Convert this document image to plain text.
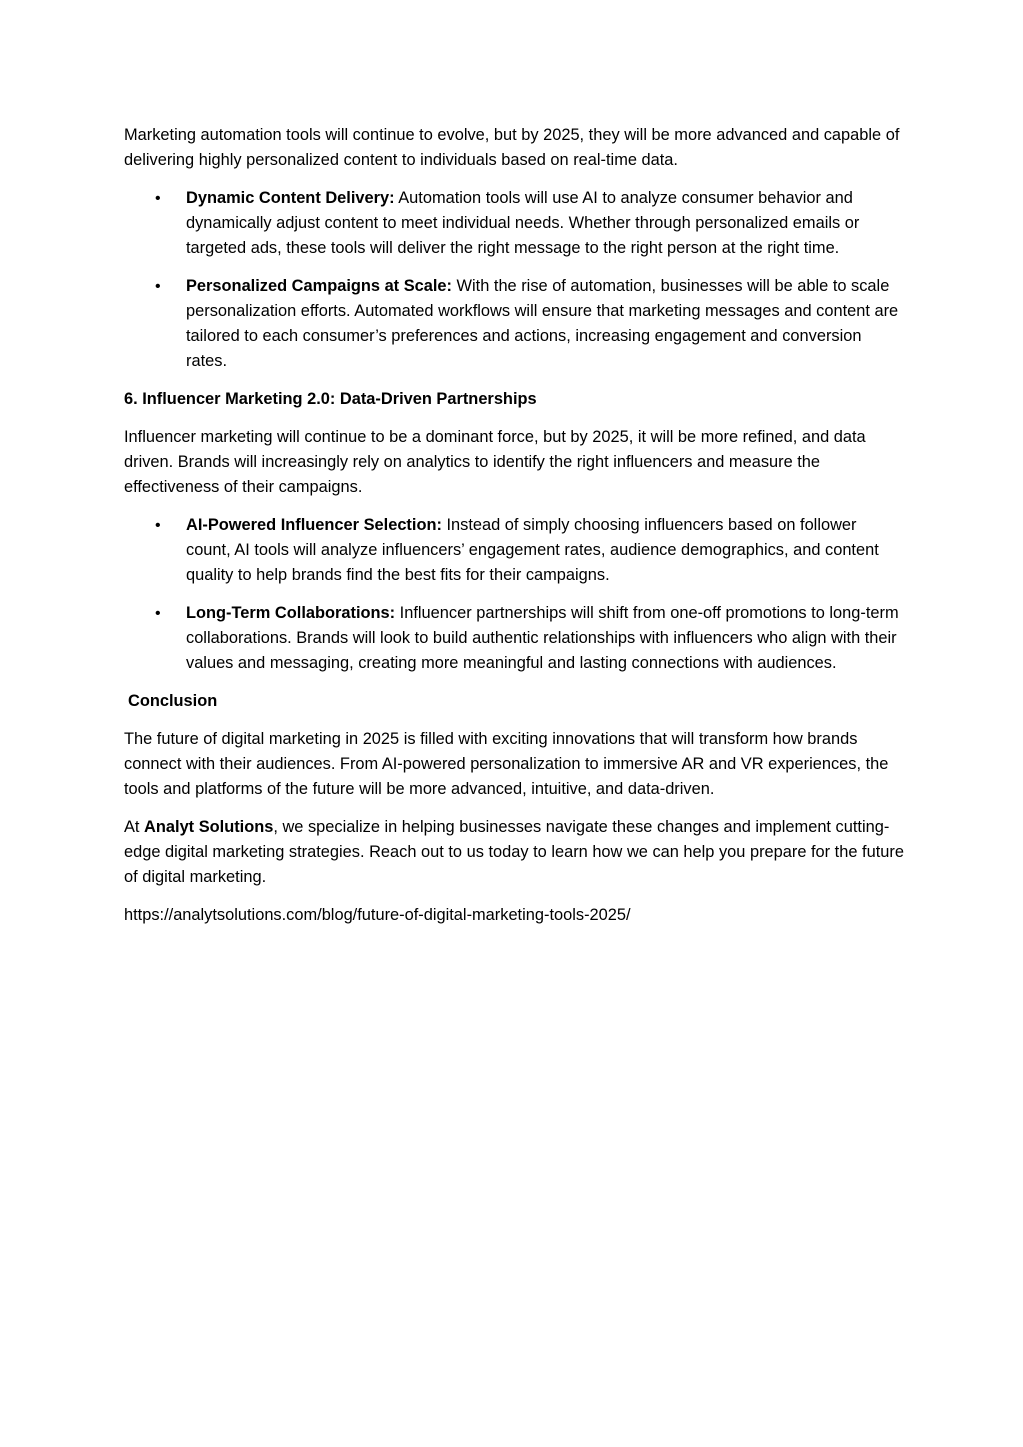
Marketing automation tools will continue to evolve, but by 2025, they will be more advanced and capable of delivering highly personalized content to individuals based on real-time data.

• Dynamic Content Delivery: Automation tools will use AI to analyze consumer behavior and dynamically adjust content to meet individual needs. Whether through personalized emails or targeted ads, these tools will deliver the right message to the right person at the right time.
• Personalized Campaigns at Scale: With the rise of automation, businesses will be able to scale personalization efforts. Automated workflows will ensure that marketing messages and content are tailored to each consumer’s preferences and actions, increasing engagement and conversion rates.
6. Influencer Marketing 2.0: Data-Driven Partnerships

Influencer marketing will continue to be a dominant force, but by 2025, it will be more refined, and data driven. Brands will increasingly rely on analytics to identify the right influencers and measure the effectiveness of their campaigns.

• AI-Powered Influencer Selection: Instead of simply choosing influencers based on follower count, AI tools will analyze influencers’ engagement rates, audience demographics, and content quality to help brands find the best fits for their campaigns.
• Long-Term Collaborations: Influencer partnerships will shift from one-off promotions to long-term collaborations. Brands will look to build authentic relationships with influencers who align with their values and messaging, creating more meaningful and lasting connections with audiences.
Conclusion

The future of digital marketing in 2025 is filled with exciting innovations that will transform how brands connect with their audiences. From AI-powered personalization to immersive AR and VR experiences, the tools and platforms of the future will be more advanced, intuitive, and data-driven.

At Analyt Solutions, we specialize in helping businesses navigate these changes and implement cutting-edge digital marketing strategies. Reach out to us today to learn how we can help you prepare for the future of digital marketing.

https://analytsolutions.com/blog/future-of-digital-marketing-tools-2025/
